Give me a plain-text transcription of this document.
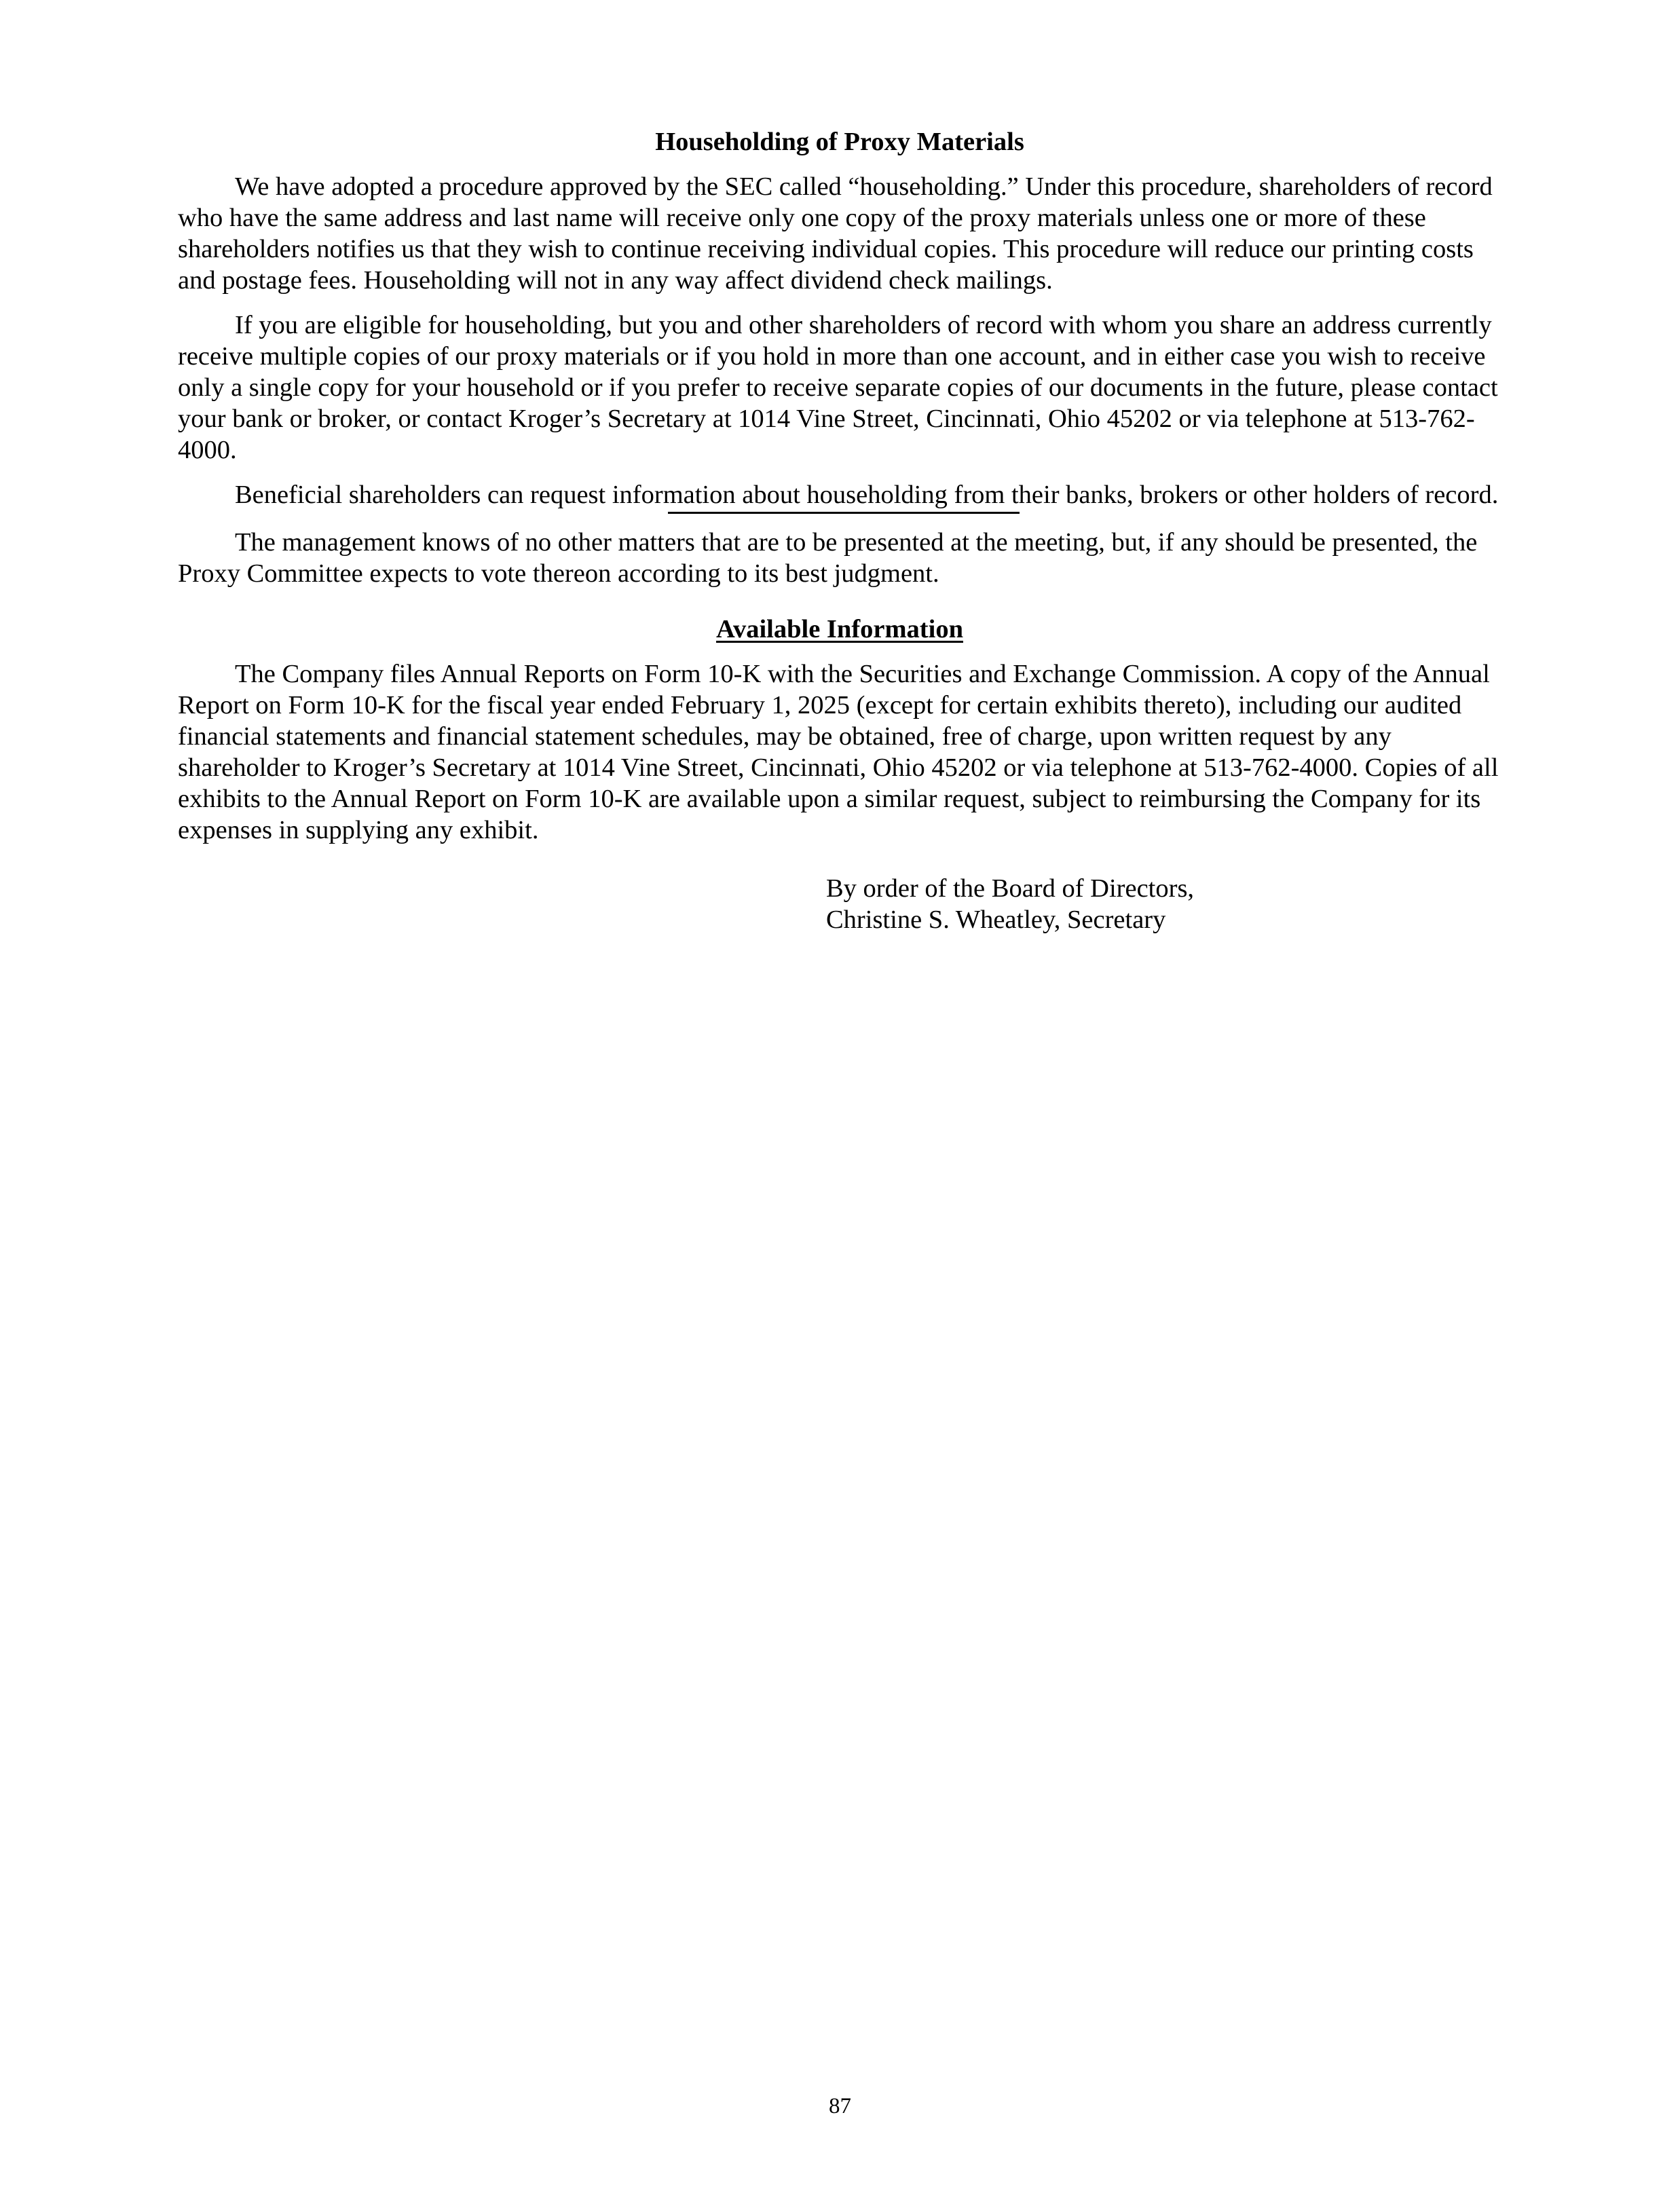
Householding of Proxy Materials

We have adopted a procedure approved by the SEC called “householding.” Under this procedure, shareholders of record who have the same address and last name will receive only one copy of the proxy materials unless one or more of these shareholders notifies us that they wish to continue receiving individual copies. This procedure will reduce our printing costs and postage fees. Householding will not in any way affect dividend check mailings.

If you are eligible for householding, but you and other shareholders of record with whom you share an address currently receive multiple copies of our proxy materials or if you hold in more than one account, and in either case you wish to receive only a single copy for your household or if you prefer to receive separate copies of our documents in the future, please contact your bank or broker, or contact Kroger’s Secretary at 1014 Vine Street, Cincinnati, Ohio 45202 or via telephone at 513-762-4000.

Beneficial shareholders can request information about householding from their banks, brokers or other holders of record.

The management knows of no other matters that are to be presented at the meeting, but, if any should be presented, the Proxy Committee expects to vote thereon according to its best judgment.

Available Information

The Company files Annual Reports on Form 10-K with the Securities and Exchange Commission. A copy of the Annual Report on Form 10-K for the fiscal year ended February 1, 2025 (except for certain exhibits thereto), including our audited financial statements and financial statement schedules, may be obtained, free of charge, upon written request by any shareholder to Kroger’s Secretary at 1014 Vine Street, Cincinnati, Ohio 45202 or via telephone at 513-762-4000. Copies of all exhibits to the Annual Report on Form 10-K are available upon a similar request, subject to reimbursing the Company for its expenses in supplying any exhibit.

By order of the Board of Directors,
Christine S. Wheatley, Secretary
87
